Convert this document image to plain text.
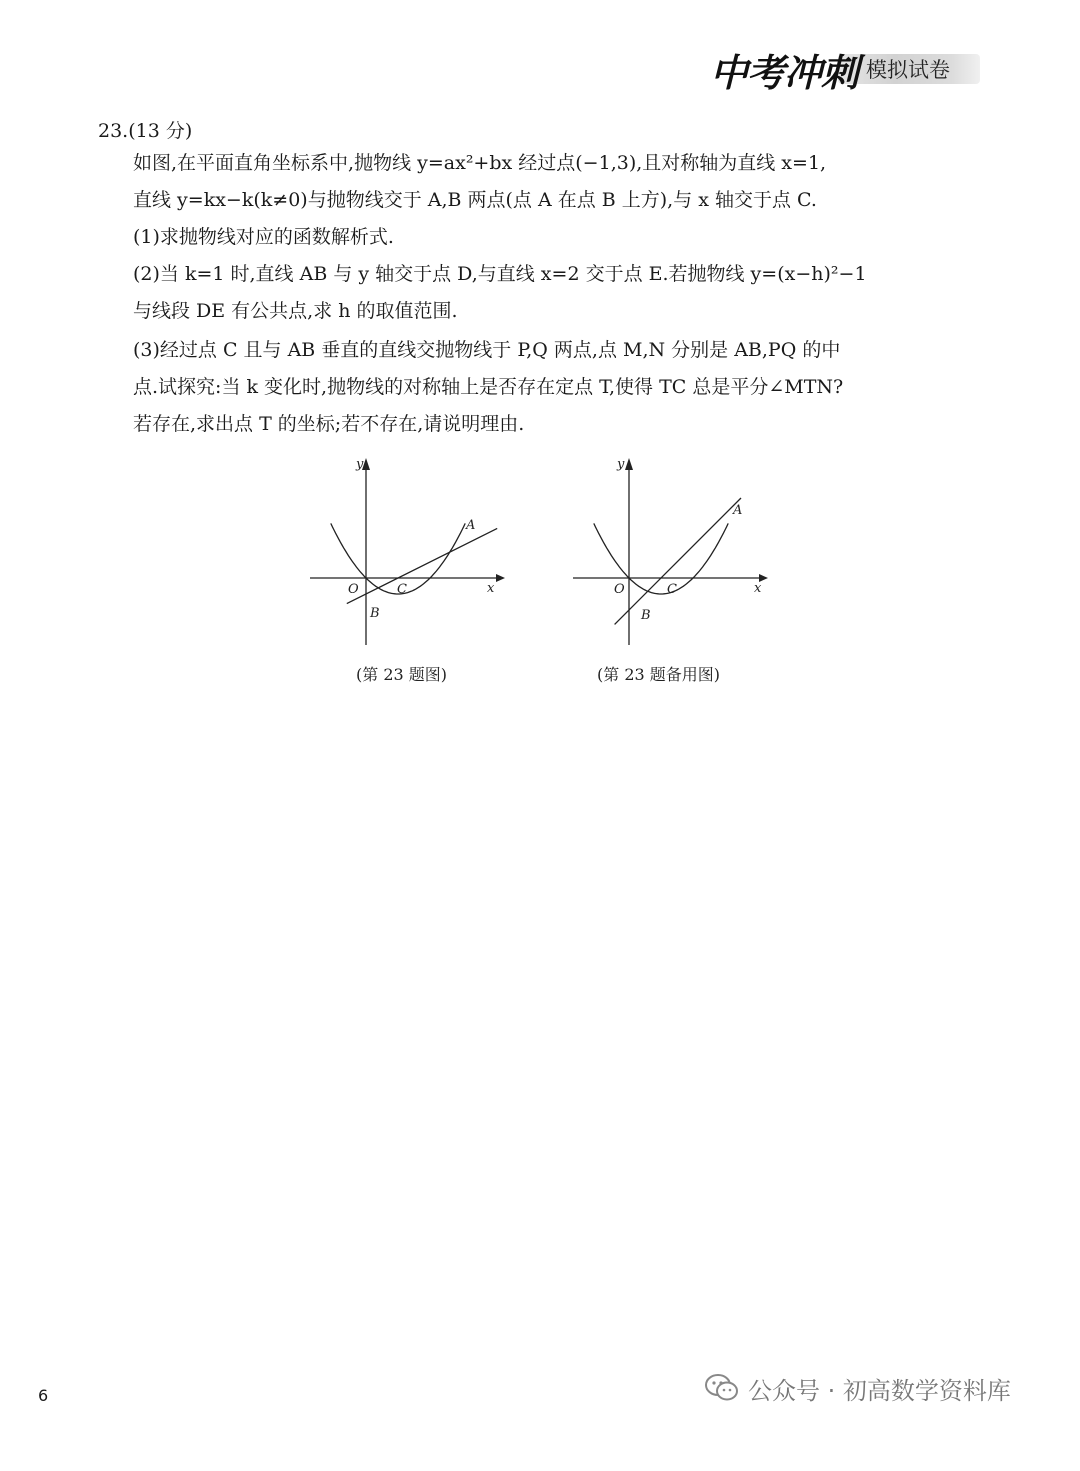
中考冲刺 模拟试卷
23.(13 分)
如图,在平面直角坐标系中,抛物线 y=ax²+bx 经过点(−1,3),且对称轴为直线 x=1,
直线 y=kx−k(k≠0)与抛物线交于 A,B 两点(点 A 在点 B 上方),与 x 轴交于点 C.
(1)求抛物线对应的函数解析式.
(2)当 k=1 时,直线 AB 与 y 轴交于点 D,与直线 x=2 交于点 E.若抛物线 y=(x−h)²−1
与线段 DE 有公共点,求 h 的取值范围.
(3)经过点 C 且与 AB 垂直的直线交抛物线于 P,Q 两点,点 M,N 分别是 AB,PQ 的中
点.试探究:当 k 变化时,抛物线的对称轴上是否存在定点 T,使得 TC 总是平分∠MTN?
若存在,求出点 T 的坐标;若不存在,请说明理由.
y
x
O
A
B
C
(第 23 题图)
y
x
O
A
B
C
(第 23 题备用图)
6	公众号 · 初高数学资料库
